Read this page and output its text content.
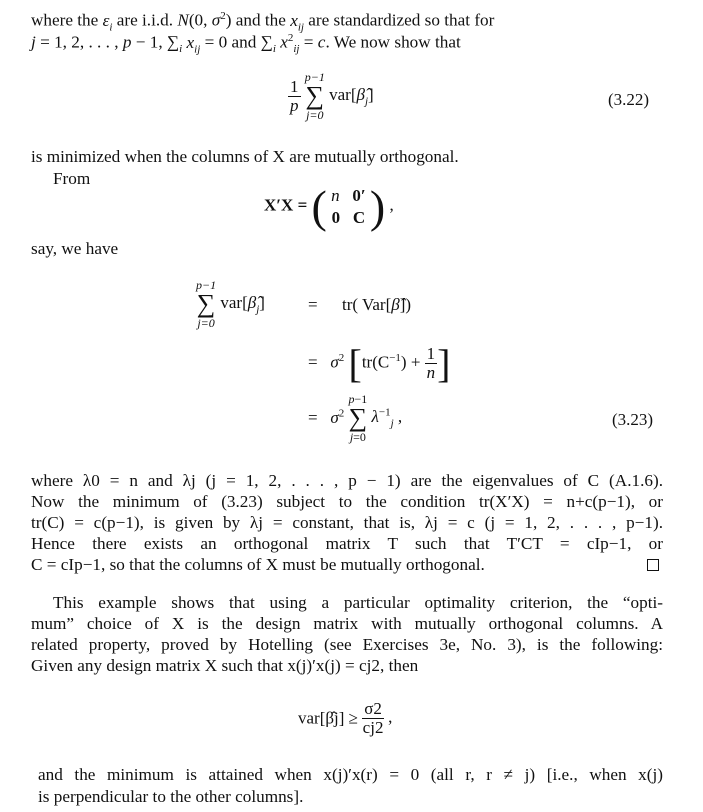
where the $\varepsilon_i$ are i.i.d. N(0, $\sigma^2$) and the $x_{ij}$ are standardized so that for
j = 1, 2, . . . , p − 1, $\sum_i$ $x_{ij} = 0$ and $\sum_i$ $x^2_{ij} = c$. We now show that
$\frac{1}{p}$

p−1
∑
j=0
$var[\betâ_j]$	(3.22)
is minimized when the columns of X are mutually orthogonal.
From
X′X = ( n 0′
0 C ) ,
say, we have
p−1
∑
j=0
$var[\betâ_j]$	= tr( Var[β̂])
=   $\sigma^2$ [$tr(C^{-1}) + \frac{1}{n}$ ]
=   $\sigma^2$
p−1
∑
j=0
$\lambda^{-1}_j$ ,	(3.23)
where λ0 = n and λj (j = 1, 2, . . . , p − 1) are the eigenvalues of C (A.1.6).
Now the minimum of (3.23) subject to the condition tr(X′X) = n+c(p−1), or
tr(C) = c(p−1), is given by λj = constant, that is, λj = c (j = 1, 2, . . . , p−1).
Hence there exists an orthogonal matrix T such that T′CT = cIp−1, or
C = cIp−1, so that the columns of X must be mutually orthogonal.
This example shows that using a particular optimality criterion, the “opti-
mum” choice of X is the design matrix with mutually orthogonal columns. A
related property, proved by Hotelling (see Exercises 3e, No. 3), is the following:
Given any design matrix X such that x(j)′x(j) = cj2, then
var[β̂j] ≥ $\frac{\sigma 2}{cj2}$ ,
and the minimum is attained when x(j)′x(r) = 0 (all r, r ≠ j) [i.e., when x(j)
is perpendicular to the other columns].
